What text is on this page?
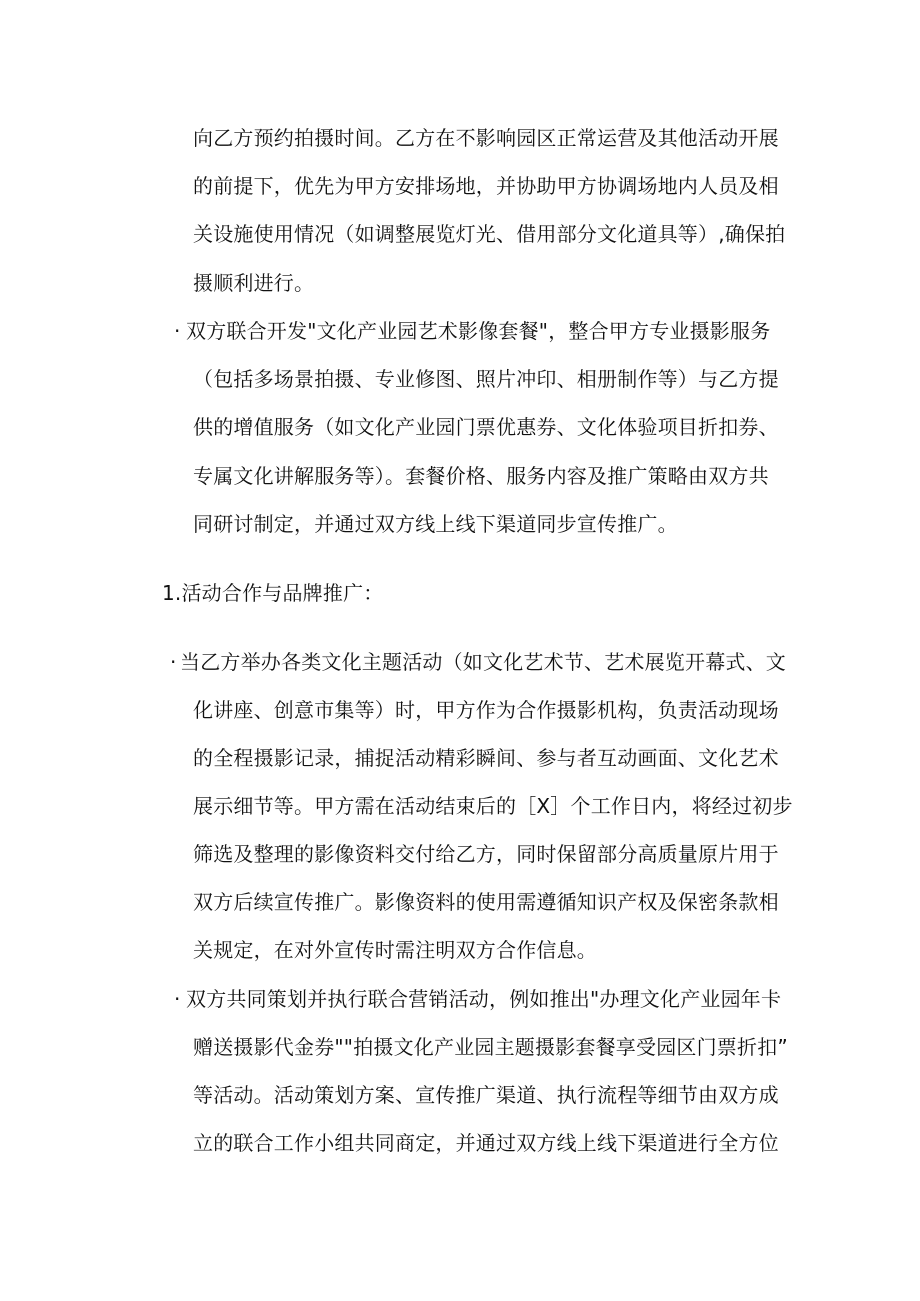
向乙方预约拍摄时间。乙方在不影响园区正常运营及其他活动开展
的前提下，优先为甲方安排场地，并协助甲方协调场地内人员及相
关设施使用情况（如调整展览灯光、借用部分文化道具等）,确保拍
摄顺利进行。
· 双方联合开发"文化产业园艺术影像套餐"，整合甲方专业摄影服务
（包括多场景拍摄、专业修图、照片冲印、相册制作等）与乙方提
供的增值服务（如文化产业园门票优惠券、文化体验项目折扣券、
专属文化讲解服务等）。套餐价格、服务内容及推广策略由双方共
同研讨制定，并通过双方线上线下渠道同步宣传推广。
1.活动合作与品牌推广：
· 当乙方举办各类文化主题活动（如文化艺术节、艺术展览开幕式、文
化讲座、创意市集等）时，甲方作为合作摄影机构，负责活动现场
的全程摄影记录，捕捉活动精彩瞬间、参与者互动画面、文化艺术
展示细节等。甲方需在活动结束后的［X］个工作日内，将经过初步
筛选及整理的影像资料交付给乙方，同时保留部分高质量原片用于
双方后续宣传推广。影像资料的使用需遵循知识产权及保密条款相
关规定，在对外宣传时需注明双方合作信息。
· 双方共同策划并执行联合营销活动，例如推出"办理文化产业园年卡
赠送摄影代金券""拍摄文化产业园主题摄影套餐享受园区门票折扣”
等活动。活动策划方案、宣传推广渠道、执行流程等细节由双方成
立的联合工作小组共同商定，并通过双方线上线下渠道进行全方位
